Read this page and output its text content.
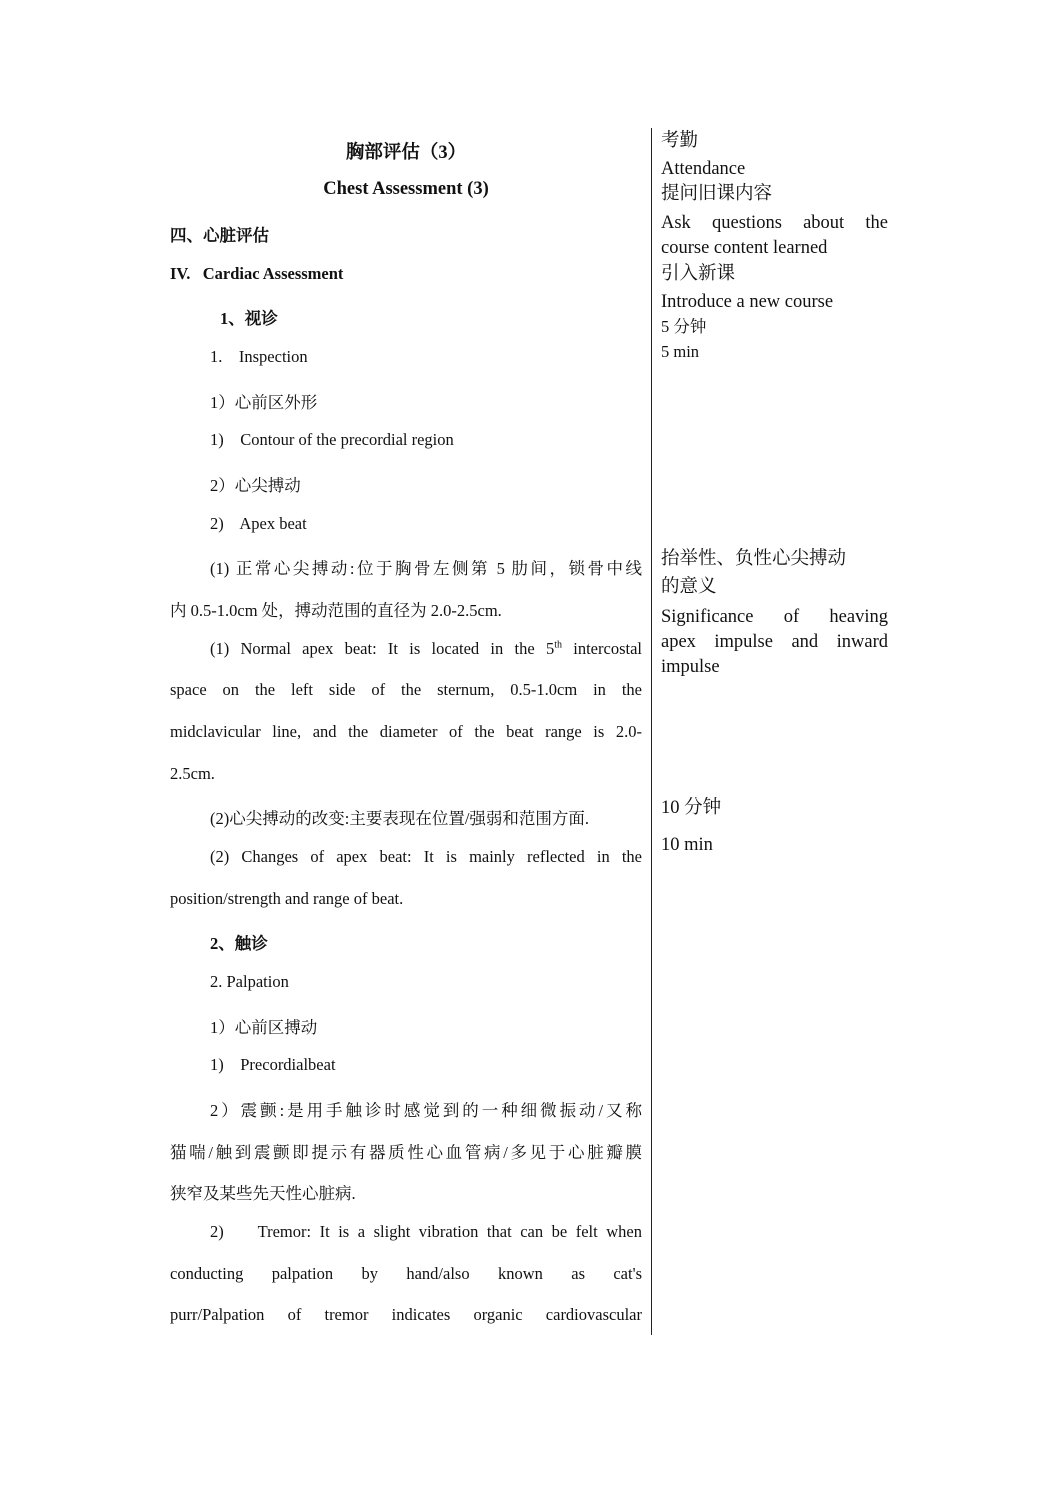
胸部评估（3）
Chest Assessment (3)
四、心脏评估
IV. Cardiac Assessment
1、视诊
1.    Inspection
1）心前区外形
1)    Contour of the precordial region
2）心尖搏动
2)    Apex beat
(1) 正常心尖搏动:位于胸骨左侧第 5 肋间，锁骨中线
内 0.5-1.0cm 处，搏动范围的直径为 2.0-2.5cm.
(1) Normal apex beat: It is located in the 5th intercostal
space on the left side of the sternum, 0.5-1.0cm in the
midclavicular line, and the diameter of the beat range is 2.0-
2.5cm.
(2)心尖搏动的改变:主要表现在位置/强弱和范围方面.
(2) Changes of apex beat: It is mainly reflected in the
position/strength and range of beat.
2、触诊
2. Palpation
1）心前区搏动
1)    Precordialbeat
2）震颤:是用手触诊时感觉到的一种细微振动/又称
猫喘/触到震颤即提示有器质性心血管病/多见于心脏瓣膜
狭窄及某些先天性心脏病.
2)    Tremor: It is a slight vibration that can be felt when
conducting palpation by hand/also known as cat's
purr/Palpation of tremor indicates organic cardiovascular
考勤
Attendance
提问旧课内容
Ask questions about the
course content learned
引入新课
Introduce a new course
5 分钟
5 min
抬举性、负性心尖搏动
的意义
Significance of heaving
apex impulse and inward
impulse
10 分钟
10 min
